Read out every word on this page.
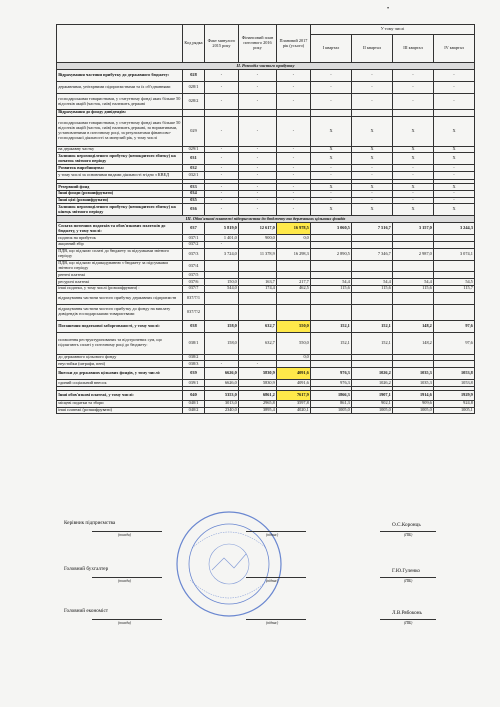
•
	Код рядка	Факт минулого 2015 року	Фінансовий план поточного 2016 року	Плановий 2017 рік (усього)	У тому числі			
					I квартал	II квартал	III квартал	IV квартал
II. Розподіл чистого прибутку								
Відрахування частини прибутку до державного бюджету:	028	-	-	-	-	-	-	-
державними, унітарними підприємствами та їх об'єднаннями	028/1	-	-	-	-	-	-	-
господарськими товариствами, у статутному фонді яких більше 50 відсотків акцій (часток, паїв) належить державі	028/2	-	-	-	-	-	-	-
Відрахування до фонду дивідендів:								
господарськими товариствами, у статутному фонді яких більше 50 відсотків акцій (часток, паїв) належить державі, за нормативами, установленими в поточному році, за результатами фінансово-господарської діяльності за минулий рік, у тому числі	029	-	-	-	X	X	X	X
на державну частку	029/1	-	-	-	X	X	X	X
Залишок нерозподіленого прибутку (непокритого збитку) на початок звітного періоду	031	-	-	-	X	X	X	X
Розвиток виробництва:	032	-	-	-	-	-	-	-
у тому числі за основними видами діяльності згідно з КВЕД	032/1	-	-	-	-	-	-	-

Резервний фонд	033	-	-	-	X	X	X	X
Інші фонди (розшифрувати)	034	-	-	-	-	-	-	-
Інші цілі (розшифрувати)	035	-	-	-	-	-	-	-
Залишок нерозподіленого прибутку (непокритого збитку) на кінець звітного періоду	036	-	-	-	X	X	X	X
III. Обов'язкові платежі підприємства до бюджету та державних цільових фондів								
Сплата поточних податків та обов'язкових платежів до бюджету, у тому числі:	037	5 819,0	12 617,0	16 978,5	3 060,5	7 516,7	3 157,0	3 244,3
податок на прибуток	037/1	1 401,0	900,0	0,0				
акцизний збір	037/2	-						
ПДВ, що підлягає сплаті до бюджету за підсумками звітного періоду	037/3	3 724,0	11 378,9	16 298,3	2 890,5	7 346,7	2 987,0	3 074,1
ПДВ, що підлягає відшкодуванню з бюджету за підсумками звітного періоду	037/4							
рентні платежі	037/5							
ресурсні платежі	037/6	150,0	163,7	217,7	54,4	54,4	54,4	54,5
інші податки, у тому числі (розшифрувати) :	037/7	544,0	174,4	462,5	115,6	115,6	115,6	115,7
відрахування частини чистого прибутку державних підприємств	037/7/1							
відрахування частини чистого прибутку до фонду на виплату дивідендів господарськими товариствами	037/7/2							
Погашення податкової заборгованості, у тому числі:	038	158,0	632,7	550,0	152,1	152,1	148,2	97,6
погашення реструктуризованих та відстрочених сум, що підлягають сплаті у поточному році до бюджету:	038/1	158,0	632,7	550,0	152,1	152,1	148,2	97,6
до державного цільового фонду	038/2			0,0				
неустойки (штрафи, пені)	038/3	-	-					
Внески до державних цільових фондів, у тому числі:	039	6626,0	5830,9	4091,6	976,3	1026,2	1035,3	1053,8
єдиний соціальний внесок	039/1	6626,0	5830,9	4091,6	976,3	1026,2	1035,3	1053,8

Інші обов'язкові платежі, у тому числі:	040	5353,0	6861,2	7617,9	1866,3	1907,1	1914,6	1929,9
місцеві податки та збори	040/1	3013,0	2965,8	3597,8	861,3	902,1	909,6	924,8
інші платежі (розшифрувати)	040/2	2340,0	3895,4	4020,1	1005,0	1005,0	1005,0	1005,1
Керівник підприємства
(посада)	(підпис)
О.С.Коронць
(ПІБ)
Головний бухгалтер
(посада)	(підпис)
Г.Ю.Гуленко
(ПІБ)
Головний економіст
(посада)	(підпис)
Л.В.Рябоконь
(ПІБ)
